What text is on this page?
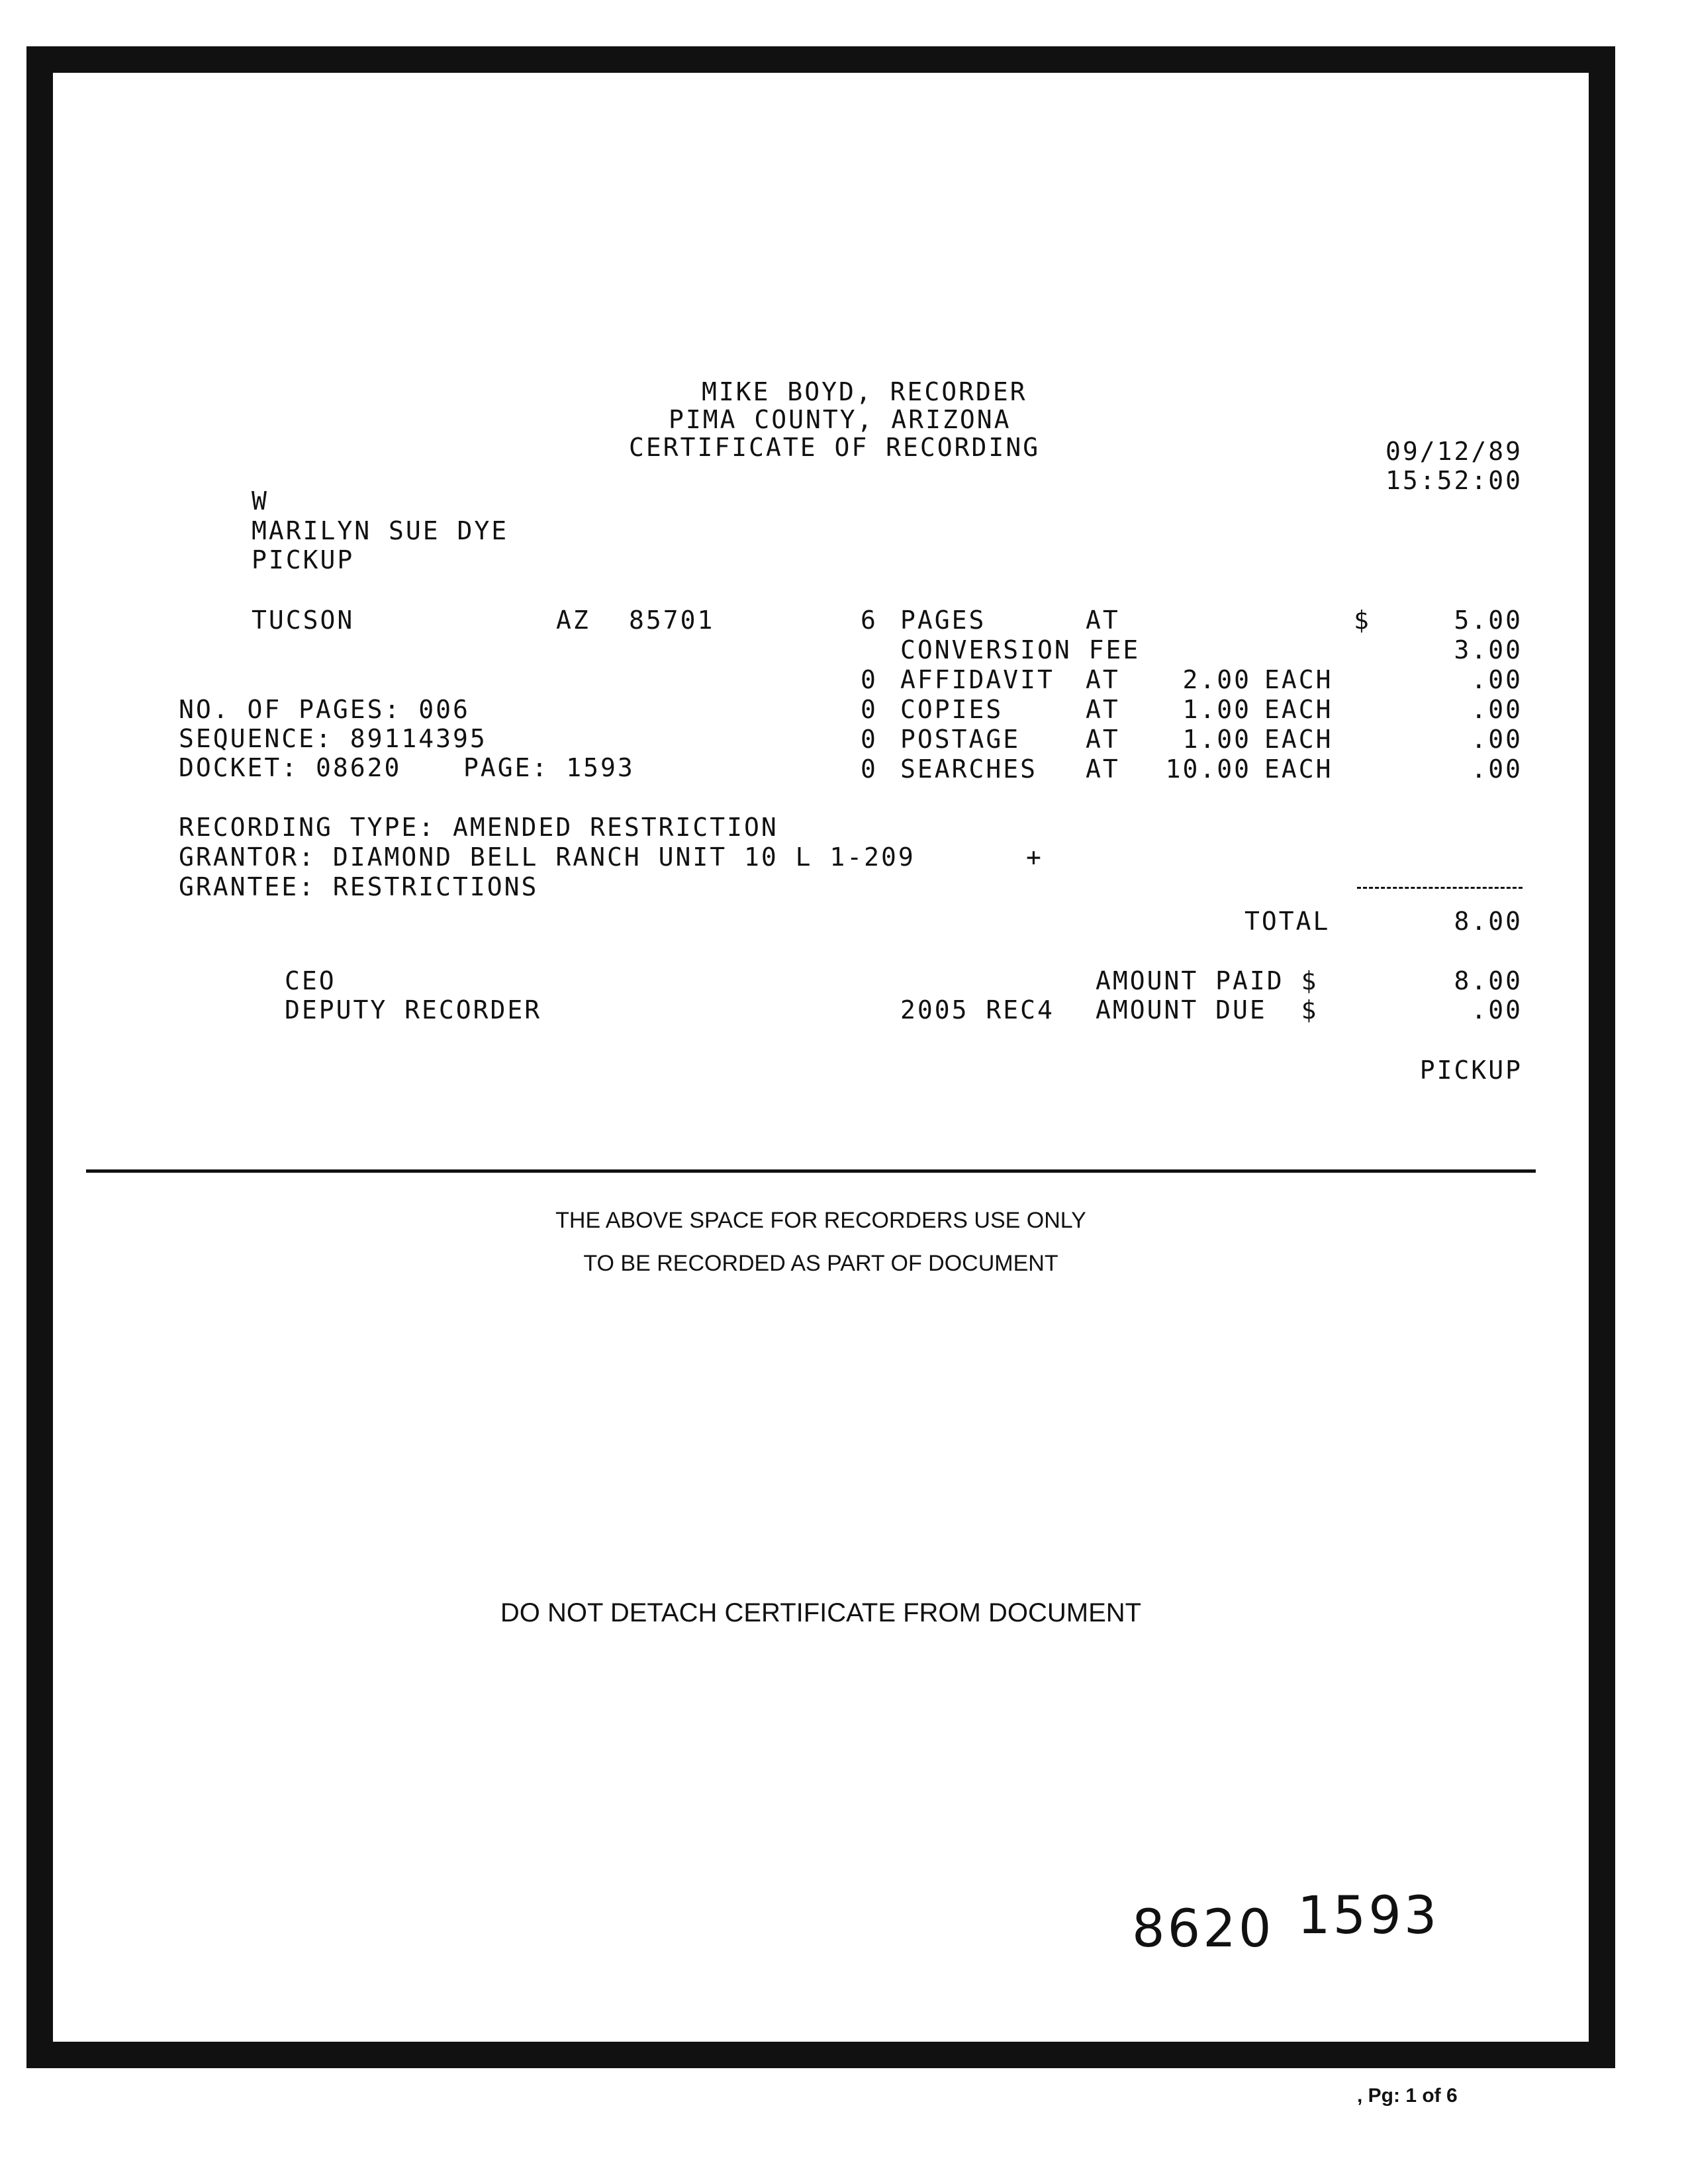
MIKE BOYD, RECORDER
PIMA COUNTY, ARIZONA
CERTIFICATE OF RECORDING	09/12/89
15:52:00
W
MARILYN SUE DYE
PICKUP
TUCSON	AZ 85701	6 PAGES	AT	$	5.00
CONVERSION FEE	3.00
0 AFFIDAVIT AT	2.00 EACH	.00
0 COPIES	AT	1.00 EACH	.00
0 POSTAGE	AT	1.00 EACH	.00
0 SEARCHES AT	10.00 EACH	.00
NO. OF PAGES: 006
SEQUENCE: 89114395
DOCKET: 08620 PAGE: 1593
RECORDING TYPE: AMENDED RESTRICTION
GRANTOR: DIAMOND BELL RANCH UNIT 10 L 1-209	+
GRANTEE: RESTRICTIONS
TOTAL	8.00
CEO
DEPUTY RECORDER
AMOUNT PAID $	8.00
2005 REC4 AMOUNT DUE  $	.00
PICKUP
THE ABOVE SPACE FOR RECORDERS USE ONLY
TO BE RECORDED AS PART OF DOCUMENT
DO NOT DETACH CERTIFICATE FROM DOCUMENT
8620 1593
, Pg: 1 of 6
